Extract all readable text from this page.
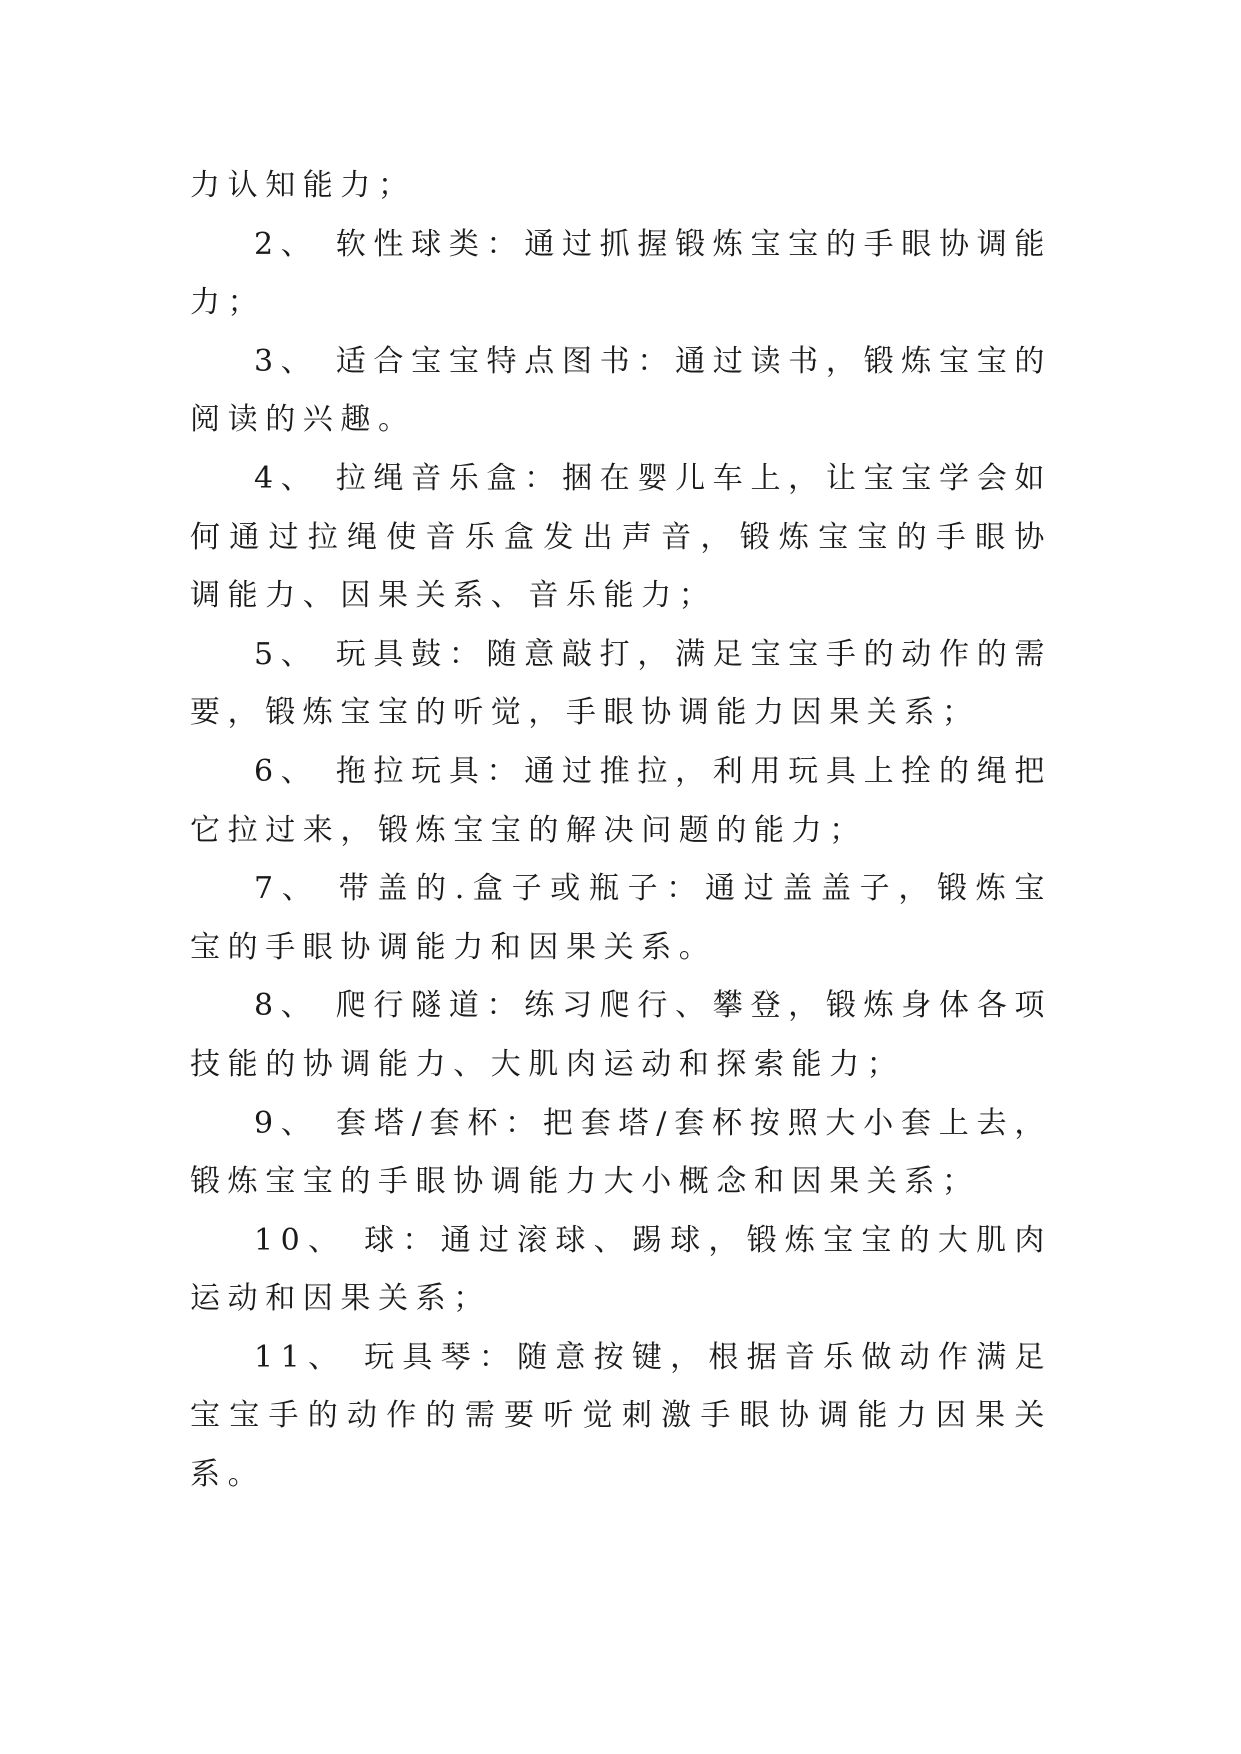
力认知能力；

2、 软性球类：通过抓握锻炼宝宝的手眼协调能力；

3、 适合宝宝特点图书：通过读书，锻炼宝宝的阅读的兴趣。

4、 拉绳音乐盒：捆在婴儿车上，让宝宝学会如何通过拉绳使音乐盒发出声音，锻炼宝宝的手眼协调能力、因果关系、音乐能力；

5、 玩具鼓：随意敲打，满足宝宝手的动作的需要，锻炼宝宝的听觉，手眼协调能力因果关系；

6、 拖拉玩具：通过推拉，利用玩具上拴的绳把它拉过来，锻炼宝宝的解决问题的能力；

7、 带盖的.盒子或瓶子：通过盖盖子，锻炼宝宝的手眼协调能力和因果关系。

8、 爬行隧道：练习爬行、攀登，锻炼身体各项技能的协调能力、大肌肉运动和探索能力；

9、 套塔/套杯：把套塔/套杯按照大小套上去，锻炼宝宝的手眼协调能力大小概念和因果关系；

10、 球：通过滚球、踢球，锻炼宝宝的大肌肉运动和因果关系；

11、 玩具琴：随意按键，根据音乐做动作满足宝宝手的动作的需要听觉刺激手眼协调能力因果关系。
